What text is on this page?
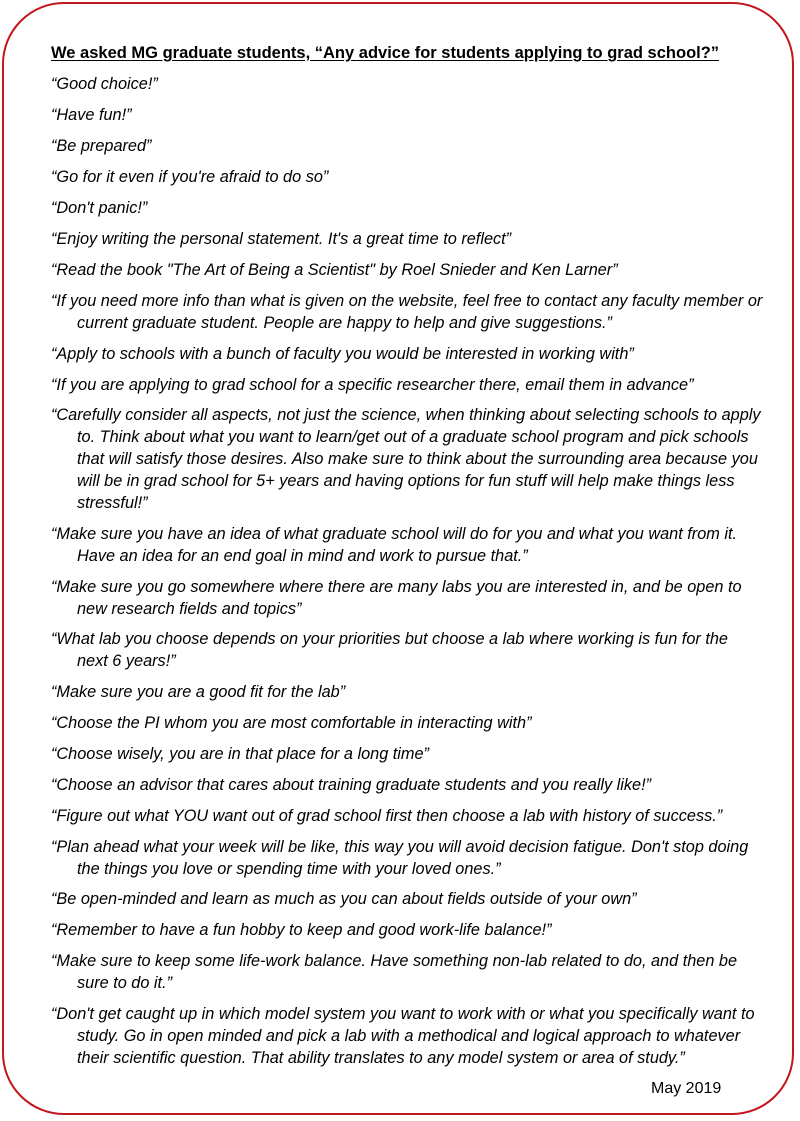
We asked MG graduate students, “Any advice for students applying to grad school?”

“Good choice!”

“Have fun!”

“Be prepared”

“Go for it even if you're afraid to do so”

“Don't panic!”

“Enjoy writing the personal statement. It's a great time to reflect”

“Read the book "The Art of Being a Scientist" by Roel Snieder and Ken Larner”

“If you need more info than what is given on the website, feel free to contact any faculty member or current graduate student. People are happy to help and give suggestions.”

“Apply to schools with a bunch of faculty you would be interested in working with”

“If you are applying to grad school for a specific researcher there, email them in advance”

“Carefully consider all aspects, not just the science, when thinking about selecting schools to apply to. Think about what you want to learn/get out of a graduate school program and pick schools that will satisfy those desires. Also make sure to think about the surrounding area because you will be in grad school for 5+ years and having options for fun stuff will help make things less stressful!”

“Make sure you have an idea of what graduate school will do for you and what you want from it. Have an idea for an end goal in mind and work to pursue that.”

“Make sure you go somewhere where there are many labs you are interested in, and be open to new research fields and topics”

“What lab you choose depends on your priorities but choose a lab where working is fun for the next 6 years!”

“Make sure you are a good fit for the lab”

“Choose the PI whom you are most comfortable in interacting with”

“Choose wisely, you are in that place for a long time”

“Choose an advisor that cares about training graduate students and you really like!”

“Figure out what YOU want out of grad school first then choose a lab with history of success.”

“Plan ahead what your week will be like, this way you will avoid decision fatigue. Don't stop doing the things you love or spending time with your loved ones.”

“Be open-minded and learn as much as you can about fields outside of your own”

“Remember to have a fun hobby to keep and good work-life balance!”

“Make sure to keep some life-work balance. Have something non-lab related to do, and then be sure to do it.”

“Don't get caught up in which model system you want to work with or what you specifically want to study. Go in open minded and pick a lab with a methodical and logical approach to whatever their scientific question. That ability translates to any model system or area of study.”

May 2019
